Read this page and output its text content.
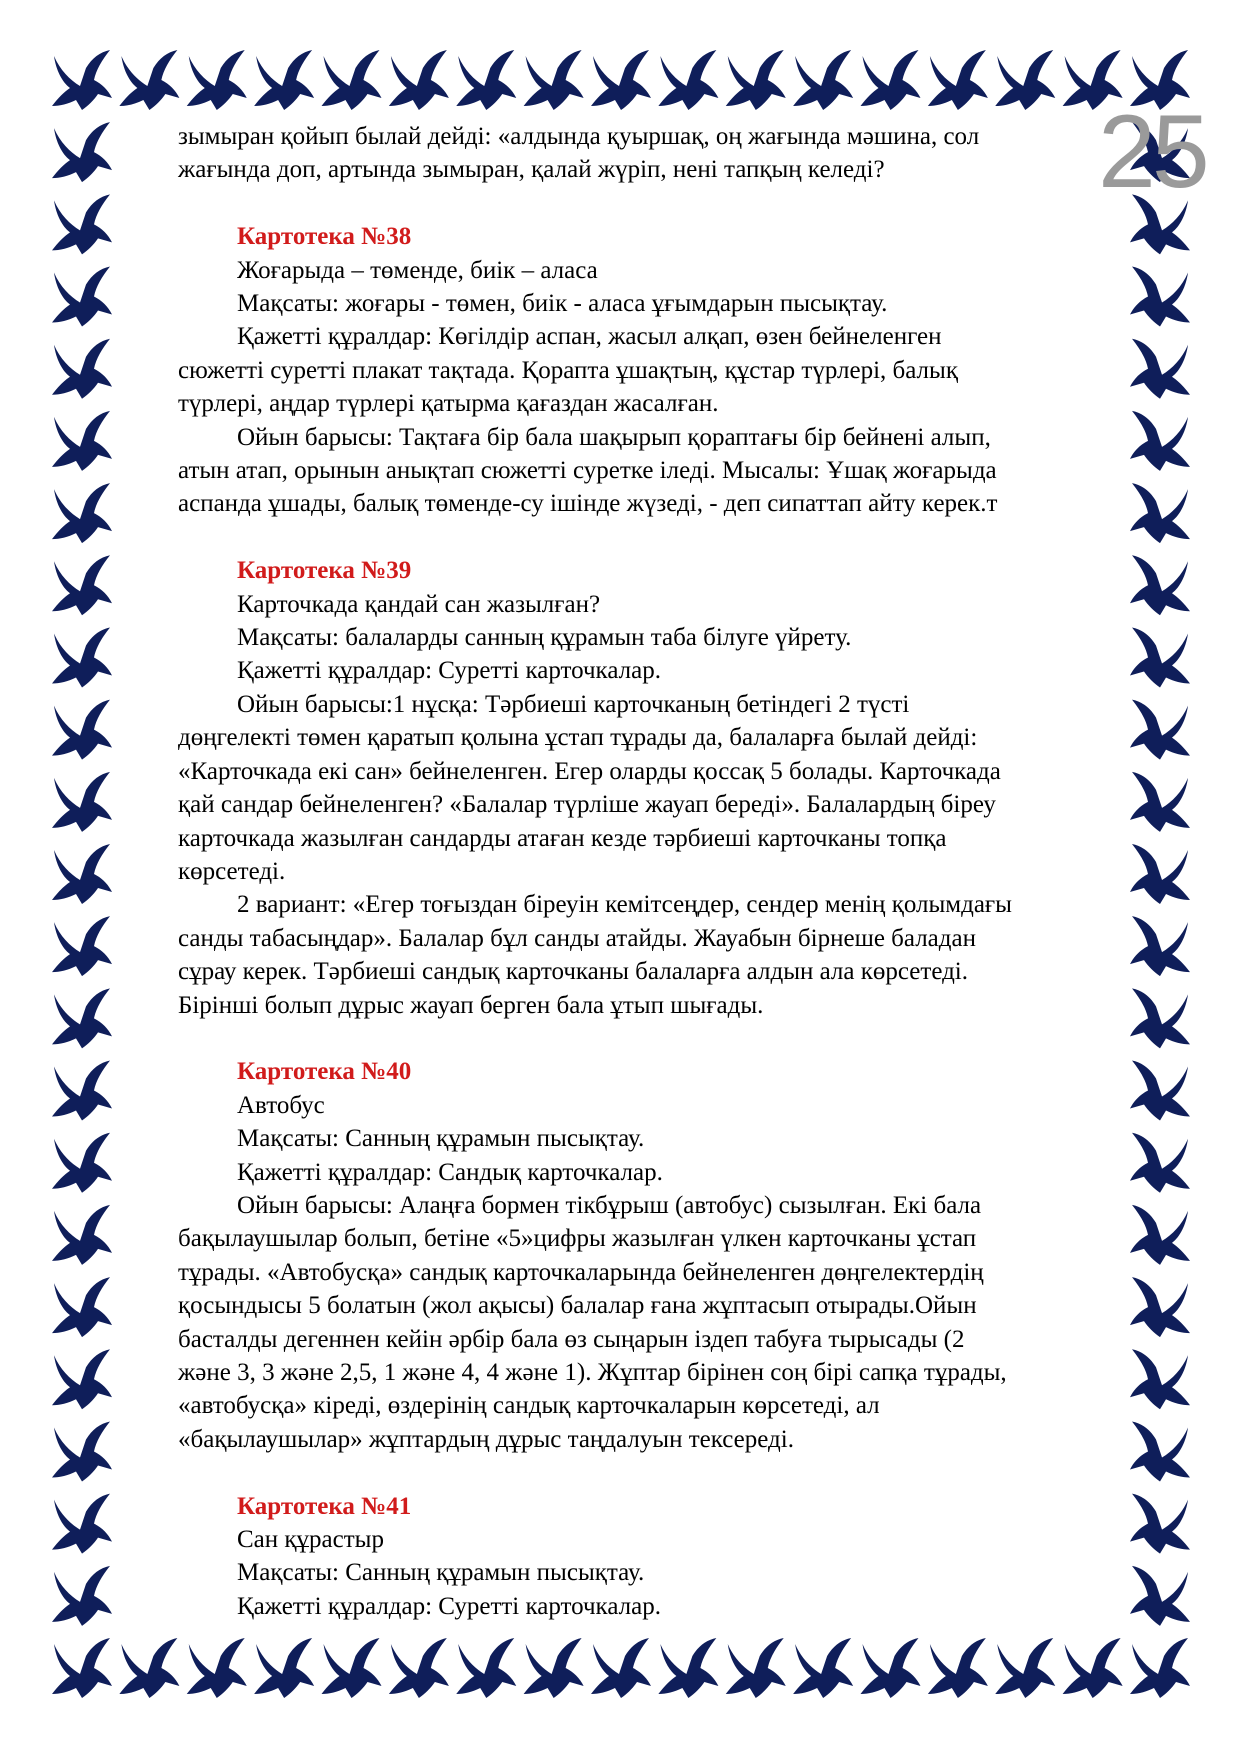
25

зымыран қойып былай дейді: «алдында қуыршақ, оң жағында мәшина, сол

жағында доп, артында зымыран, қалай жүріп, нені тапқың келеді?

Картотека №38

Жоғарыда – төменде, биік – аласа

Мақсаты: жоғары - төмен, биік - аласа ұғымдарын пысықтау.

Қажетті құралдар: Көгілдір аспан, жасыл алқап, өзен бейнеленген

сюжетті суретті плакат тақтада. Қорапта ұшақтың, құстар түрлері, балық

түрлері, аңдар түрлері қатырма қағаздан жасалған.

Ойын барысы: Тақтаға бір бала шақырып қораптағы бір бейнені алып,

атын атап, орынын анықтап сюжетті суретке іледі. Мысалы: Ұшақ жоғарыда

аспанда ұшады, балық төменде-су ішінде жүзеді, - деп сипаттап айту керек.т

Картотека №39

Карточкада қандай сан жазылған?

Мақсаты: балаларды санның құрамын таба білуге үйрету.

Қажетті құралдар: Суретті карточкалар.

Ойын барысы:1 нұсқа: Тәрбиеші карточканың бетіндегі 2 түсті

дөңгелекті төмен қаратып қолына ұстап тұрады да, балаларға былай дейді:

«Карточкада екі сан» бейнеленген. Егер оларды қоссақ 5 болады. Карточкада

қай сандар бейнеленген? «Балалар түрліше жауап береді». Балалардың біреу

карточкада жазылған сандарды атаған кезде тәрбиеші карточканы топқа

көрсетеді.

2 вариант: «Егер тоғыздан біреуін кемітсеңдер, сендер менің қолымдағы

санды табасыңдар». Балалар бұл санды атайды. Жауабын бірнеше баладан

сұрау керек. Тәрбиеші сандық карточканы балаларға алдын ала көрсетеді.

Бірінші болып дұрыс жауап берген бала ұтып шығады.

Картотека №40

Автобус

Мақсаты: Санның құрамын пысықтау.

Қажетті құралдар: Сандық карточкалар.

Ойын барысы: Алаңға бормен тікбұрыш (автобус) сызылған. Екі бала

бақылаушылар болып, бетіне «5»цифры жазылған үлкен карточканы ұстап

тұрады. «Автобусқа» сандық карточкаларында бейнеленген дөңгелектердің

қосындысы 5 болатын (жол ақысы) балалар ғана жұптасып отырады.Ойын

басталды дегеннен кейін әрбір бала өз сыңарын іздеп табуға тырысады (2

және 3, 3 және 2,5, 1 және 4, 4 және 1). Жұптар бірінен соң бірі сапқа тұрады,

«автобусқа» кіреді, өздерінің сандық карточкаларын көрсетеді, ал

«бақылаушылар» жұптардың дұрыс таңдалуын тексереді.

Картотека №41

Сан құрастыр

Мақсаты: Санның құрамын пысықтау.

Қажетті құралдар: Суретті карточкалар.
